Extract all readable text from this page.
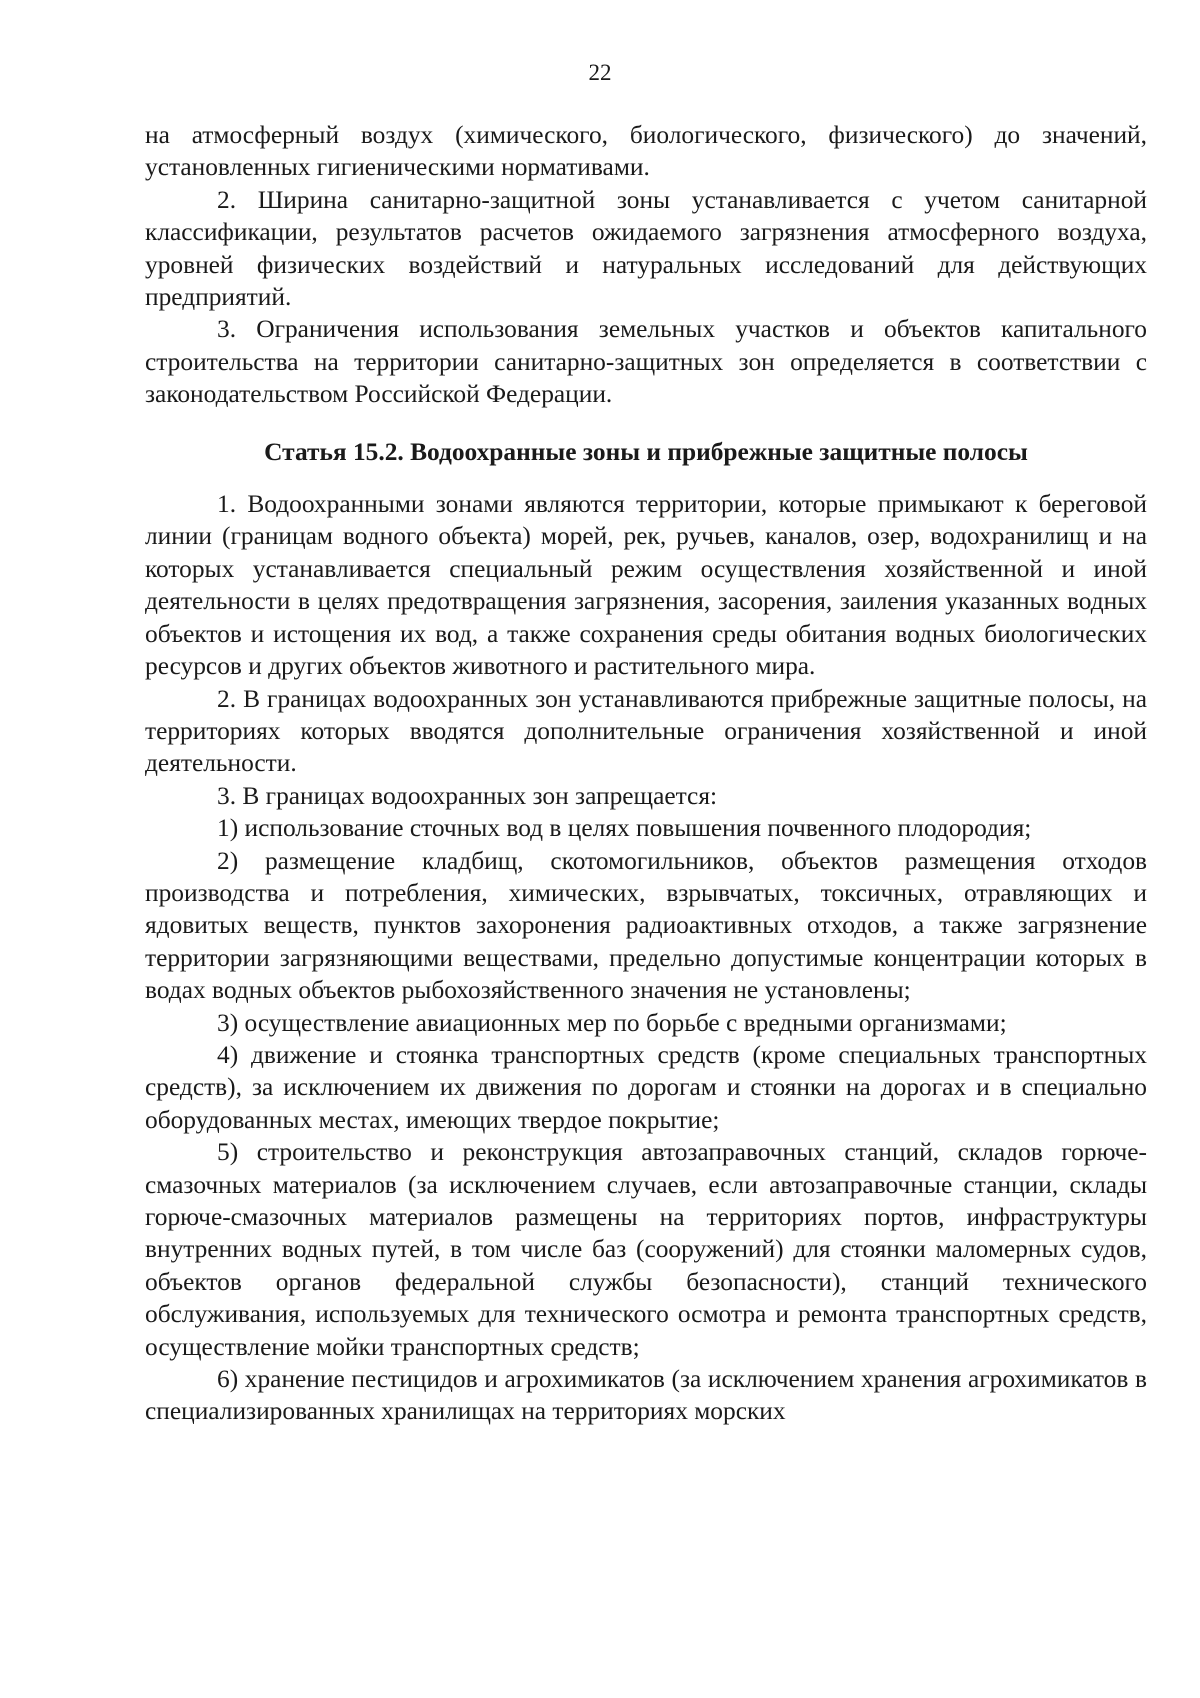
22

на атмосферный воздух (химического, биологического, физического) до значений, установленных гигиеническими нормативами.

2. Ширина санитарно-защитной зоны устанавливается с учетом санитарной классификации, результатов расчетов ожидаемого загрязнения атмосферного воздуха, уровней физических воздействий и натуральных исследований для действующих предприятий.

3. Ограничения использования земельных участков и объектов капитального строительства на территории санитарно-защитных зон определяется в соответствии с законодательством Российской Федерации.

Статья 15.2. Водоохранные зоны и прибрежные защитные полосы

1. Водоохранными зонами являются территории, которые примыкают к береговой линии (границам водного объекта) морей, рек, ручьев, каналов, озер, водохранилищ и на которых устанавливается специальный режим осуществления хозяйственной и иной деятельности в целях предотвращения загрязнения, засорения, заиления указанных водных объектов и истощения их вод, а также сохранения среды обитания водных биологических ресурсов и других объектов животного и растительного мира.

2. В границах водоохранных зон устанавливаются прибрежные защитные полосы, на территориях которых вводятся дополнительные ограничения хозяйственной и иной деятельности.

3. В границах водоохранных зон запрещается:

1) использование сточных вод в целях повышения почвенного плодородия;

2) размещение кладбищ, скотомогильников, объектов размещения отходов производства и потребления, химических, взрывчатых, токсичных, отравляющих и ядовитых веществ, пунктов захоронения радиоактивных отходов, а также загрязнение территории загрязняющими веществами, предельно допустимые концентрации которых в водах водных объектов рыбохозяйственного значения не установлены;

3) осуществление авиационных мер по борьбе с вредными организмами;

4) движение и стоянка транспортных средств (кроме специальных транспортных средств), за исключением их движения по дорогам и стоянки на дорогах и в специально оборудованных местах, имеющих твердое покрытие;

5) строительство и реконструкция автозаправочных станций, складов горюче-смазочных материалов (за исключением случаев, если автозаправочные станции, склады горюче-смазочных материалов размещены на территориях портов, инфраструктуры внутренних водных путей, в том числе баз (сооружений) для стоянки маломерных судов, объектов органов федеральной службы безопасности), станций технического обслуживания, используемых для технического осмотра и ремонта транспортных средств, осуществление мойки транспортных средств;

6) хранение пестицидов и агрохимикатов (за исключением хранения агрохимикатов в специализированных хранилищах на территориях морских
